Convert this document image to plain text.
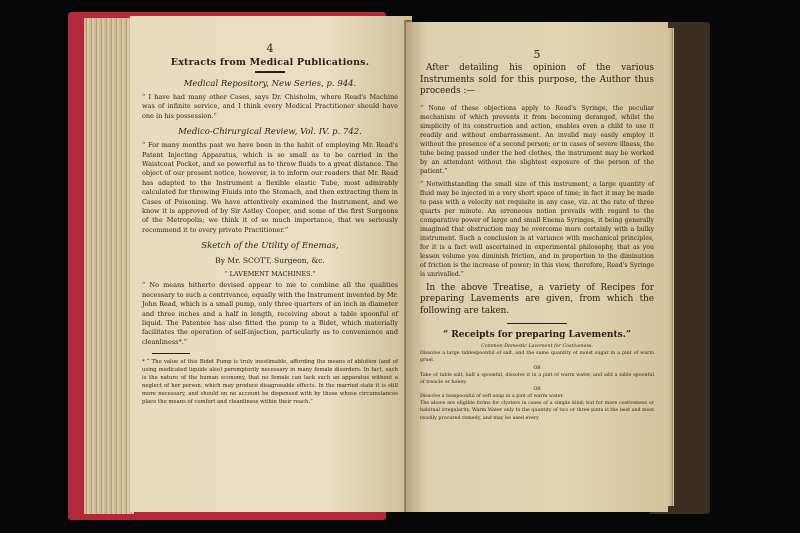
4

Extracts from Medical Publications.

Medical Repository, New Series, p. 944.

“ I have had many other Cases, says Dr. Chisholm, where Read's Machine was of infinite service, and I think every Medical Practitioner should have one in his possession.”

Medico-Chirurgical Review, Vol. IV. p. 742.

“ For many months past we have been in the habit of employing Mr. Read's Patent Injecting Apparatus, which is so small as to be carried in the Waistcoat Pocket, and so powerful as to throw fluids to a great distance. The object of our present notice, however, is to inform our readers that Mr. Read has adapted to the Instrument a flexible elastic Tube, most admirably calculated for throwing Fluids into the Stomach, and then extracting them in Cases of Poisoning. We have attentively examined the Instrument, and we know it is approved of by Sir Astley Cooper, and some of the first Surgeons of the Metropolis; we think it of so much importance, that we seriously recommend it to every private Practitioner.”

Sketch of the Utility of Enemas,

By Mr. SCOTT, Surgeon, &c.

“ LAVEMENT MACHINES.”

“ No means hitherto devised appear to me to combine all the qualities necessary to such a contrivance, equally with the Instrument invented by Mr. John Read, which is a small pump, only three quarters of an inch in diameter and three inches and a half in length, receiving about a table spoonful of liquid. The Patentee has also fitted the pump to a Bidet, which materially facilitates the operation of self-injection, particularly as to convenience and cleanliness*.”

* “ The value of this Bidet Pump is truly inestimable, affording the means of ablution (and of using medicated liquids also) peremptorily necessary in many female disorders. In fact, such is the nature of the human economy, that no female can lack such an apparatus without a neglect of her person, which may produce disagreeable effects. In the married state it is still more necessary, and should on no account be dispensed with by those whose circumstances place the means of comfort and cleanliness within their reach.”

5

After detailing his opinion of the various Instruments sold for this purpose, the Author thus proceeds :—

“ None of these objections apply to Read's Syringe, the peculiar mechanism of which prevents it from becoming deranged, whilst the simplicity of its construction and action, enables even a child to use it readily and without embarrassment. An invalid may easily employ it without the presence of a second person; or in cases of severe illness, the tube being passed under the bed clothes, the instrument may be worked by an attendant without the slightest exposure of the person of the patient.”

“ Notwithstanding the small size of this instrument, a large quantity of fluid may be injected in a very short space of time; in fact it may be made to pass with a velocity not requisite in any case, viz. at the rate of three quarts per minute. An erroneous notion prevails with regard to the comparative power of large and small Enema Syringes, it being generally imagined that obstruction may be overcome more certainly with a bulky instrument. Such a conclusion is at variance with mechanical principles, for it is a fact well ascertained in experimental philosophy, that as you lessen volume you diminish friction, and in proportion to the diminution of friction is the increase of power; in this view, therefore, Read's Syringe is unrivalled.”

In the above Treatise, a variety of Recipes for preparing Lavements are given, from which the following are taken.

“ Receipts for preparing Lavements.”

Common Domestic Lavement for Costiveness.

Dissolve a large tablespoonful of salt, and the same quantity of moist sugar in a pint of warm gruel.

OR

Take of table salt, half a spoonful, dissolve it in a pint of warm water, and add a table spoonful of treacle or honey.

OR

Dissolve a teaspoonful of soft soap in a pint of warm water.

The above are eligible forms for clysters in cases of a simple kind; but for more costiveness or habitual irregularity, Warm Water only to the quantity of two or three pints is the best and most readily procured remedy, and may be used every
